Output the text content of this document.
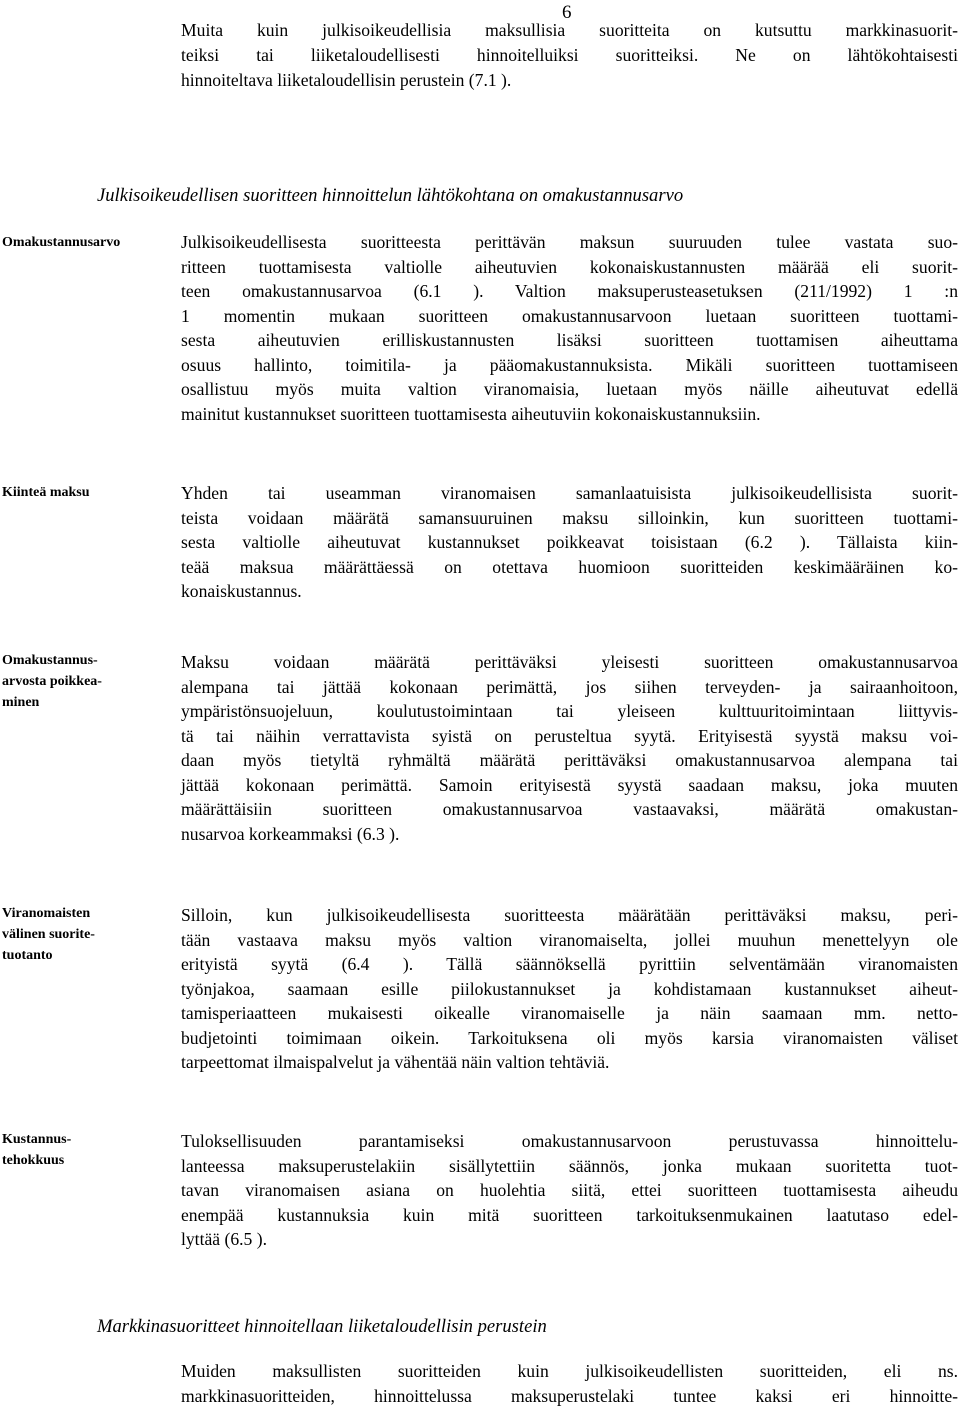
6
Muita kuin julkisoikeudellisia maksullisia suoritteita on kutsuttu markkinasuorit-
teiksi tai liiketaloudellisesti hinnoitelluiksi suoritteiksi. Ne on lähtökohtaisesti
hinnoiteltava liiketaloudellisin perustein (7.1 ).
Julkisoikeudellisen suoritteen hinnoittelun lähtökohtana on omakustannusarvo
Omakustannusarvo	Julkisoikeudellisesta suoritteesta perittävän maksun suuruuden tulee vastata suo-
ritteen tuottamisesta valtiolle aiheutuvien kokonaiskustannusten määrää eli suorit-
teen omakustannusarvoa (6.1 ). Valtion maksuperusteasetuksen (211/1992) 1 :n
1 momentin mukaan suoritteen omakustannusarvoon luetaan suoritteen tuottami-
sesta aiheutuvien erilliskustannusten lisäksi suoritteen tuottamisen aiheuttama
osuus hallinto, toimitila- ja pääomakustannuksista. Mikäli suoritteen tuottamiseen
osallistuu myös muita valtion viranomaisia, luetaan myös näille aiheutuvat edellä
mainitut kustannukset suoritteen tuottamisesta aiheutuviin kokonaiskustannuksiin.
Kiinteä maksu	Yhden tai useamman viranomaisen samanlaatuisista julkisoikeudellisista suorit-
teista voidaan määrätä samansuuruinen maksu silloinkin, kun suoritteen tuottami-
sesta valtiolle aiheutuvat kustannukset poikkeavat toisistaan (6.2 ). Tällaista kiin-
teää maksua määrättäessä on otettava huomioon suoritteiden keskimääräinen ko-
konaiskustannus.
Omakustannus-
arvosta poikkea-
minen
Maksu voidaan määrätä perittäväksi yleisesti suoritteen omakustannusarvoa
alempana tai jättää kokonaan perimättä, jos siihen terveyden- ja sairaanhoitoon,
ympäristönsuojeluun, koulutustoimintaan tai yleiseen kulttuuritoimintaan liittyvis-
tä tai näihin verrattavista syistä on perusteltua syytä. Erityisestä syystä maksu voi-
daan myös tietyltä ryhmältä määrätä perittäväksi omakustannusarvoa alempana tai
jättää kokonaan perimättä. Samoin erityisestä syystä saadaan maksu, joka muuten
määrättäisiin suoritteen omakustannusarvoa vastaavaksi, määrätä omakustan-
nusarvoa korkeammaksi (6.3 ).
Viranomaisten
välinen suorite-
tuotanto
Silloin, kun julkisoikeudellisesta suoritteesta määrätään perittäväksi maksu, peri-
tään vastaava maksu myös valtion viranomaiselta, jollei muuhun menettelyyn ole
erityistä syytä (6.4 ). Tällä säännöksellä pyrittiin selventämään viranomaisten
työnjakoa, saamaan esille piilokustannukset ja kohdistamaan kustannukset aiheut-
tamisperiaatteen mukaisesti oikealle viranomaiselle ja näin saamaan mm. netto-
budjetointi toimimaan oikein. Tarkoituksena oli myös karsia viranomaisten väliset
tarpeettomat ilmaispalvelut ja vähentää näin valtion tehtäviä.
Kustannus-
tehokkuus
Tuloksellisuuden parantamiseksi omakustannusarvoon perustuvassa hinnoittelu-
lanteessa maksuperustelakiin sisällytettiin säännös, jonka mukaan suoritetta tuot-
tavan viranomaisen asiana on huolehtia siitä, ettei suoritteen tuottamisesta aiheudu
enempää kustannuksia kuin mitä suoritteen tarkoituksenmukainen laatutaso edel-
lyttää (6.5 ).
Markkinasuoritteet hinnoitellaan liiketaloudellisin perustein
Muiden maksullisten suoritteiden kuin julkisoikeudellisten suoritteiden, eli ns.
markkinasuoritteiden, hinnoittelussa maksuperustelaki tuntee kaksi eri hinnoitte-
